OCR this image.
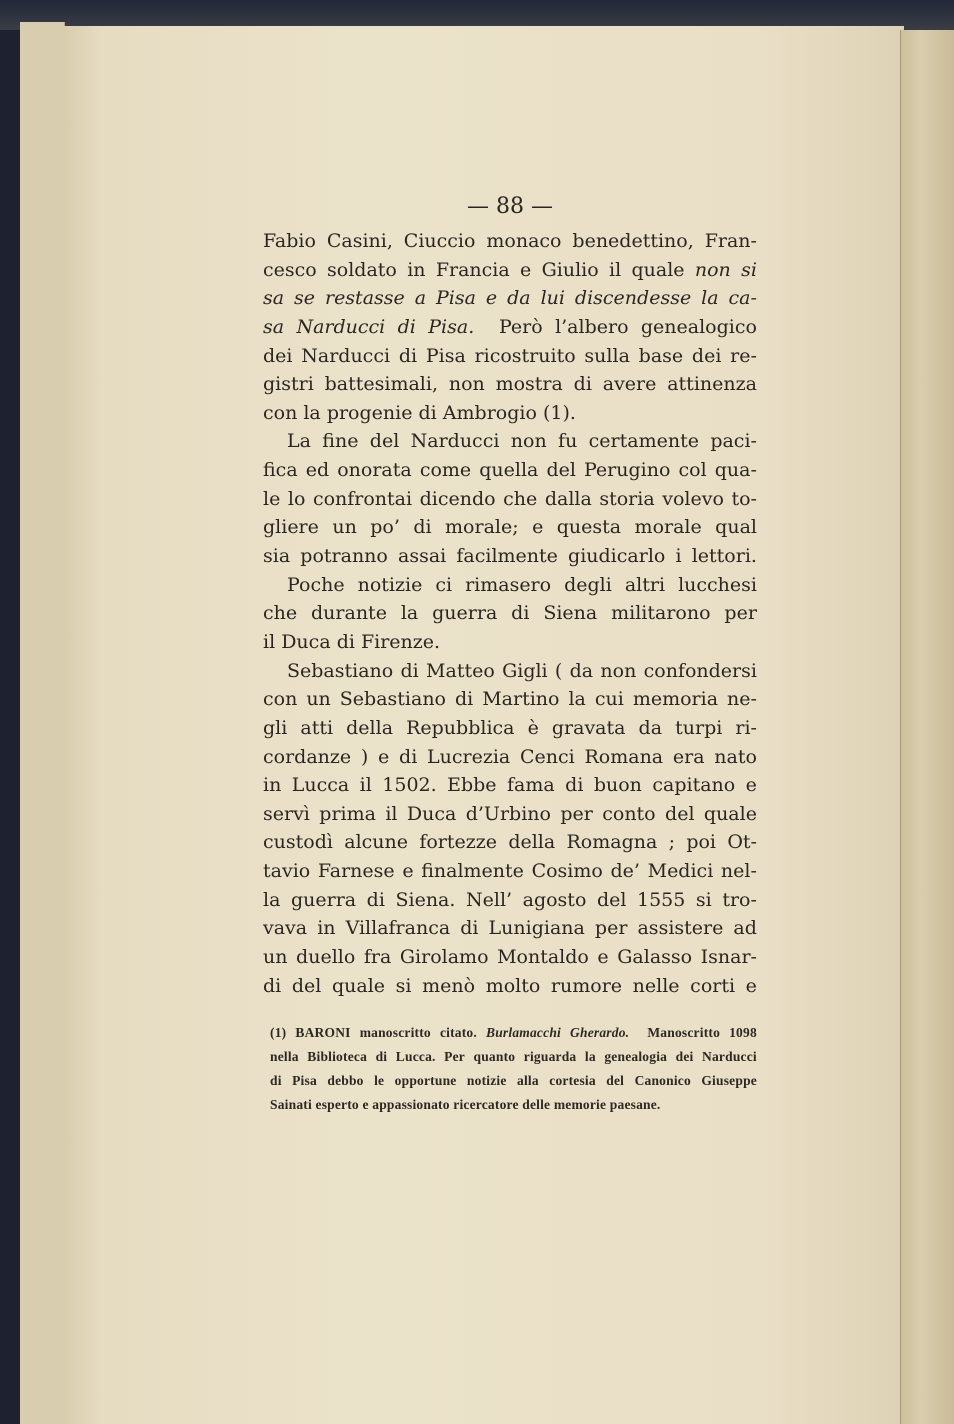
— 88 —
Fabio Casini, Ciuccio monaco benedettino, Fran-
cesco soldato in Francia e Giulio il quale non si
sa se restasse a Pisa e da lui discendesse la ca-
sa Narducci di Pisa. Però l’albero genealogico
dei Narducci di Pisa ricostruito sulla base dei re-
gistri battesimali, non mostra di avere attinenza
con la progenie di Ambrogio (1).
La fine del Narducci non fu certamente paci-
fica ed onorata come quella del Perugino col qua-
le lo confrontai dicendo che dalla storia volevo to-
gliere un po’ di morale; e questa morale qual
sia potranno assai facilmente giudicarlo i lettori.
Poche notizie ci rimasero degli altri lucchesi
che durante la guerra di Siena militarono per
il Duca di Firenze.
Sebastiano di Matteo Gigli ( da non confondersi
con un Sebastiano di Martino la cui memoria ne-
gli atti della Repubblica è gravata da turpi ri-
cordanze ) e di Lucrezia Cenci Romana era nato
in Lucca il 1502. Ebbe fama di buon capitano e
servì prima il Duca d’Urbino per conto del quale
custodì alcune fortezze della Romagna ; poi Ot-
tavio Farnese e finalmente Cosimo de’ Medici nel-
la guerra di Siena. Nell’ agosto del 1555 si tro-
vava in Villafranca di Lunigiana per assistere ad
un duello fra Girolamo Montaldo e Galasso Isnar-
di del quale si menò molto rumore nelle corti e
(1) BARONI manoscritto citato. Burlamacchi Gherardo. Manoscritto 1098
nella Biblioteca di Lucca. Per quanto riguarda la genealogia dei Narducci
di Pisa debbo le opportune notizie alla cortesia del Canonico Giuseppe
Sainati esperto e appassionato ricercatore delle memorie paesane.
